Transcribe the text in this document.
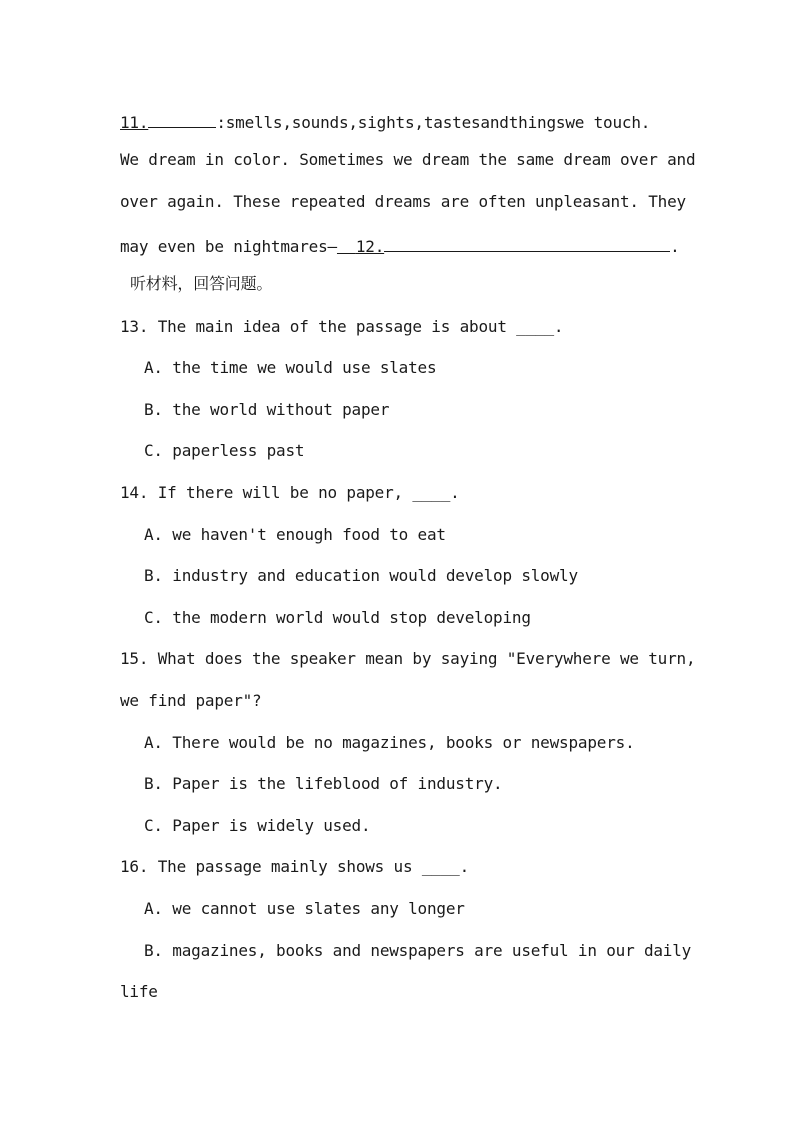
11.	:smells,sounds,sights,tastesandthingswe touch.
We dream in color. Sometimes we dream the same dream over and
over again. These repeated dreams are often unpleasant. They
may even be nightmares— 12.	.
听材料，回答问题。
13. The main idea of the passage is about ____.
A. the time we would use slates
B. the world without paper
C. paperless past
14. If there will be no paper, ____.
A. we haven't enough food to eat
B. industry and education would develop slowly
C. the modern world would stop developing
15. What does the speaker mean by saying "Everywhere we turn,
we find paper"?
A. There would be no magazines, books or newspapers.
B. Paper is the lifeblood of industry.
C. Paper is widely used.
16. The passage mainly shows us ____.
A. we cannot use slates any longer
B. magazines, books and newspapers are useful in our daily
life
